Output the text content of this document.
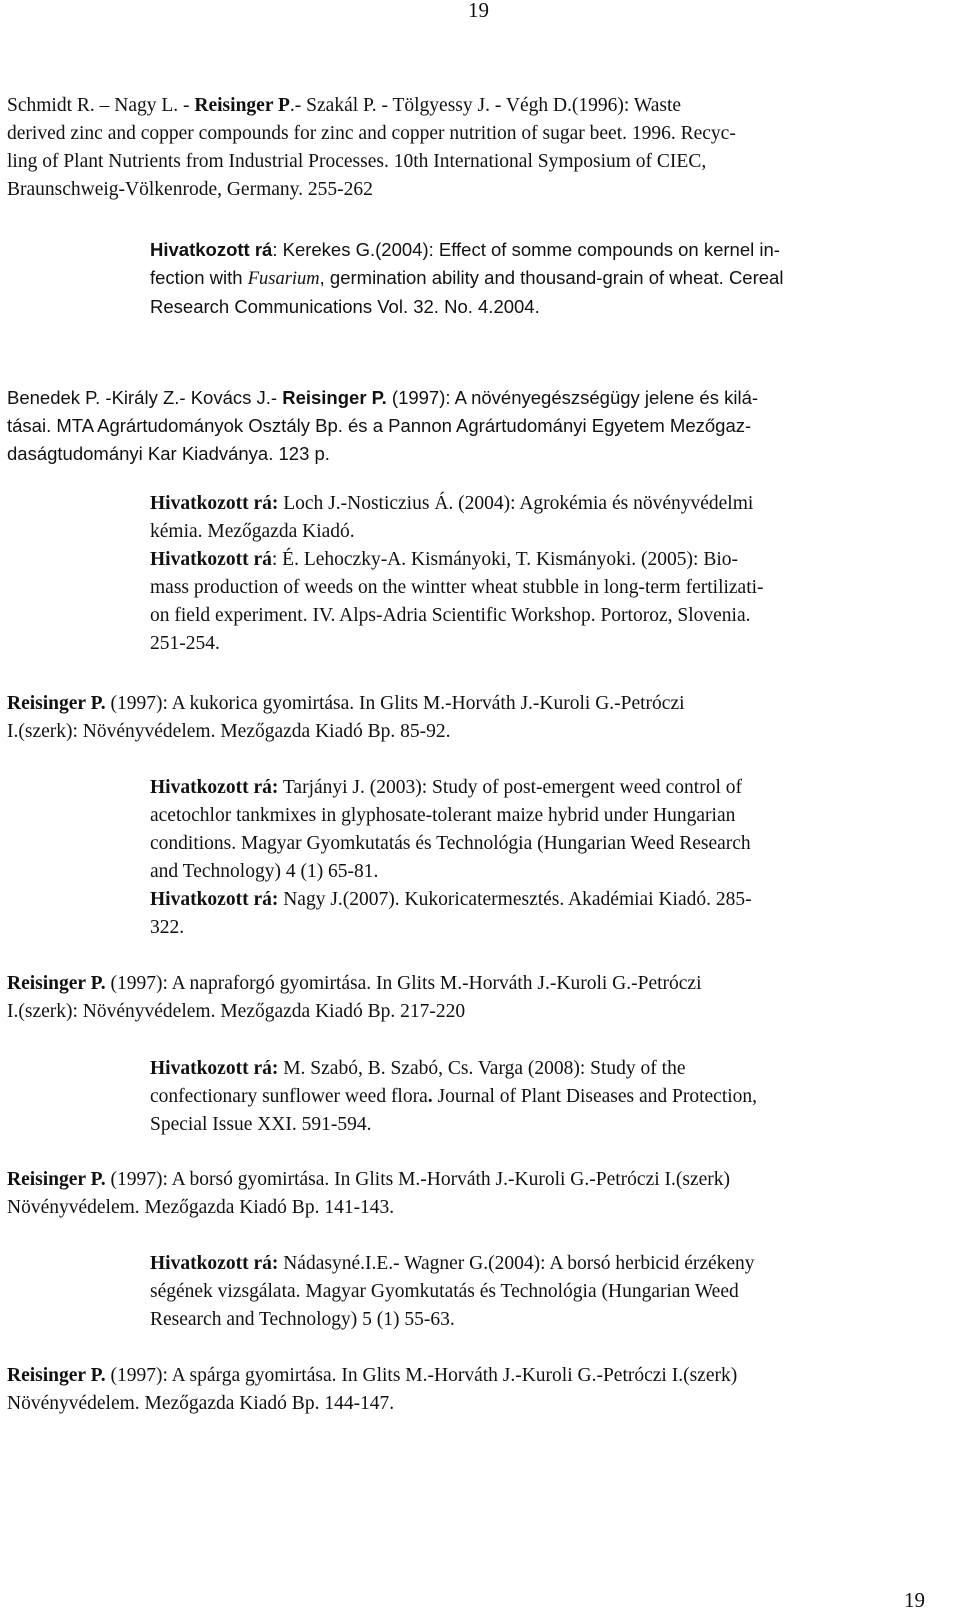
19
Schmidt R. – Nagy L. - Reisinger P.- Szakál P. - Tölgyessy J. - Végh D.(1996): Waste
derived zinc and copper compounds for zinc and copper nutrition of sugar beet. 1996. Recyc-
ling of Plant Nutrients from Industrial Processes. 10th International Symposium of CIEC,
Braunschweig-Völkenrode, Germany. 255-262
Hivatkozott rá: Kerekes G.(2004): Effect of somme compounds on kernel in-
fection with Fusarium, germination ability and thousand-grain of wheat. Cereal
Research Communications Vol. 32. No. 4.2004.
Benedek P. -Király Z.- Kovács J.- Reisinger P. (1997): A növényegészségügy jelene és kilá-
tásai. MTA Agrártudományok Osztály Bp. és a Pannon Agrártudományi Egyetem Mezőgaz-
daságtudományi Kar Kiadványa. 123 p.
Hivatkozott rá: Loch J.-Nosticzius Á. (2004): Agrokémia és növényvédelmi
kémia. Mezőgazda Kiadó.
Hivatkozott rá: É. Lehoczky-A. Kismányoki, T. Kismányoki. (2005): Bio-
mass production of weeds on the wintter wheat stubble in long-term fertilizati-
on field experiment. IV. Alps-Adria Scientific Workshop. Portoroz, Slovenia.
251-254.
Reisinger P. (1997): A kukorica gyomirtása. In Glits M.-Horváth J.-Kuroli G.-Petróczi
I.(szerk): Növényvédelem. Mezőgazda Kiadó Bp. 85-92.
Hivatkozott rá: Tarjányi J. (2003): Study of post-emergent weed control of
acetochlor tankmixes in glyphosate-tolerant maize hybrid under Hungarian
conditions. Magyar Gyomkutatás és Technológia (Hungarian Weed Research
and Technology) 4 (1) 65-81.
Hivatkozott rá: Nagy J.(2007). Kukoricatermesztés. Akadémiai Kiadó. 285-
322.
Reisinger P. (1997): A napraforgó gyomirtása. In Glits M.-Horváth J.-Kuroli G.-Petróczi
I.(szerk): Növényvédelem. Mezőgazda Kiadó Bp. 217-220
Hivatkozott rá: M. Szabó, B. Szabó, Cs. Varga (2008): Study of the
confectionary sunflower weed flora. Journal of Plant Diseases and Protection,
Special Issue XXI. 591-594.
Reisinger P. (1997): A borsó gyomirtása. In Glits M.-Horváth J.-Kuroli G.-Petróczi I.(szerk)
Növényvédelem. Mezőgazda Kiadó Bp. 141-143.
Hivatkozott rá: Nádasyné.I.E.- Wagner G.(2004): A borsó herbicid érzékeny
ségének vizsgálata. Magyar Gyomkutatás és Technológia (Hungarian Weed
Research and Technology) 5 (1) 55-63.
Reisinger P. (1997): A spárga gyomirtása. In Glits M.-Horváth J.-Kuroli G.-Petróczi I.(szerk)
Növényvédelem. Mezőgazda Kiadó Bp. 144-147.
19
